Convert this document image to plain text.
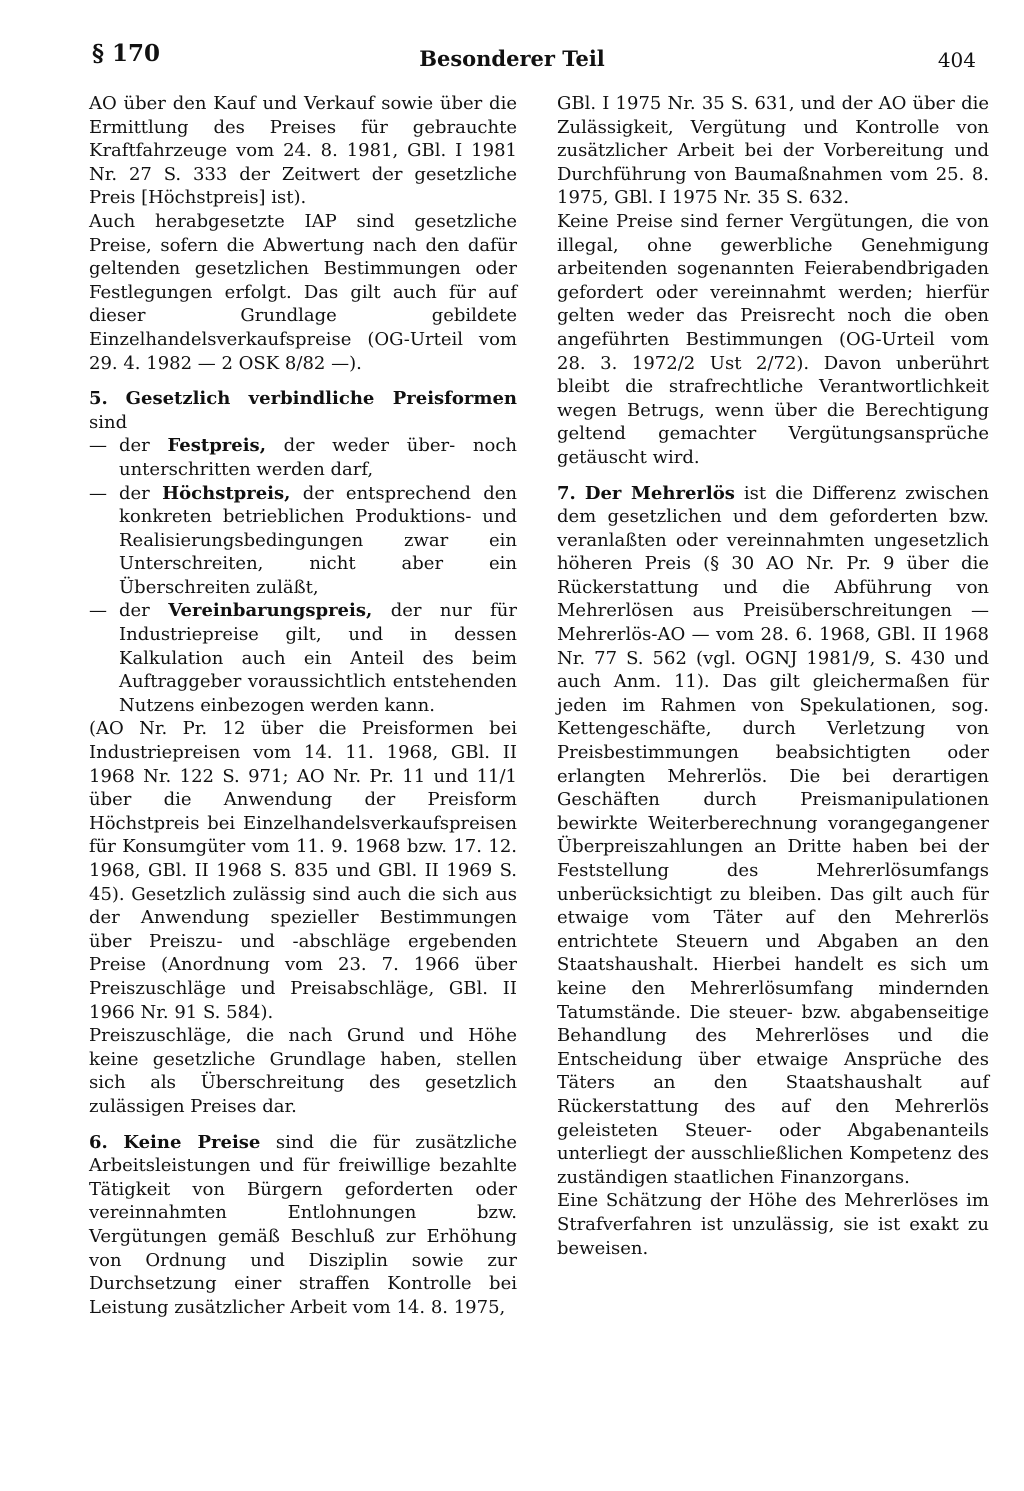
§ 170	Besonderer Teil	404

AO über den Kauf und Verkauf sowie über die Ermittlung des Preises für gebrauchte Kraftfahrzeuge vom 24. 8. 1981, GBl. I 1981 Nr. 27 S. 333 der Zeitwert der gesetzliche Preis [Höchstpreis] ist).

Auch herabgesetzte IAP sind gesetzliche Preise, sofern die Abwertung nach den dafür geltenden gesetzlichen Bestimmungen oder Festlegungen erfolgt. Das gilt auch für auf dieser Grundlage gebildete Einzelhandelsverkaufspreise (OG-Urteil vom 29. 4. 1982 — 2 OSK 8/82 —).

5. Gesetzlich verbindliche Preisformen

sind

— der Festpreis, der weder über- noch unterschritten werden darf,
— der Höchstpreis, der entsprechend den konkreten betrieblichen Produktions- und Realisierungsbedingungen zwar ein Unterschreiten, nicht aber ein Überschreiten zuläßt,
— der Vereinbarungspreis, der nur für Industriepreise gilt, und in dessen Kalkulation auch ein Anteil des beim Auftraggeber voraussichtlich entstehenden Nutzens einbezogen werden kann.

(AO Nr. Pr. 12 über die Preisformen bei Industriepreisen vom 14. 11. 1968, GBl. II 1968 Nr. 122 S. 971; AO Nr. Pr. 11 und 11/1 über die Anwendung der Preisform Höchstpreis bei Einzelhandelsverkaufspreisen für Konsumgüter vom 11. 9. 1968 bzw. 17. 12. 1968, GBl. II 1968 S. 835 und GBl. II 1969 S. 45). Gesetzlich zulässig sind auch die sich aus der Anwendung spezieller Bestimmungen über Preiszu- und -abschläge ergebenden Preise (Anordnung vom 23. 7. 1966 über Preiszuschläge und Preisabschläge, GBl. II 1966 Nr. 91 S. 584).

Preiszuschläge, die nach Grund und Höhe keine gesetzliche Grundlage haben, stellen sich als Überschreitung des gesetzlich zulässigen Preises dar.

6. Keine Preise sind die für zusätzliche Arbeitsleistungen und für freiwillige bezahlte Tätigkeit von Bürgern geforderten oder vereinnahmten Entlohnungen bzw. Vergütungen gemäß Beschluß zur Erhöhung von Ordnung und Disziplin sowie zur Durchsetzung einer straffen Kontrolle bei Leistung zusätzlicher Arbeit vom 14. 8. 1975,

GBl. I 1975 Nr. 35 S. 631, und der AO über die Zulässigkeit, Vergütung und Kontrolle von zusätzlicher Arbeit bei der Vorbereitung und Durchführung von Baumaßnahmen vom 25. 8. 1975, GBl. I 1975 Nr. 35 S. 632.

Keine Preise sind ferner Vergütungen, die von illegal, ohne gewerbliche Genehmigung arbeitenden sogenannten Feierabendbrigaden gefordert oder vereinnahmt werden; hierfür gelten weder das Preisrecht noch die oben angeführten Bestimmungen (OG-Urteil vom 28. 3. 1972/2 Ust 2/72). Davon unberührt bleibt die strafrechtliche Verantwortlichkeit wegen Betrugs, wenn über die Berechtigung geltend gemachter Vergütungsansprüche getäuscht wird.

7. Der Mehrerlös ist die Differenz zwischen dem gesetzlichen und dem geforderten bzw. veranlaßten oder vereinnahmten ungesetzlich höheren Preis (§ 30 AO Nr. Pr. 9 über die Rückerstattung und die Abführung von Mehrerlösen aus Preisüberschreitungen — Mehrerlös-AO — vom 28. 6. 1968, GBl. II 1968 Nr. 77 S. 562 (vgl. OGNJ 1981/9, S. 430 und auch Anm. 11). Das gilt gleichermaßen für jeden im Rahmen von Spekulationen, sog. Kettengeschäfte, durch Verletzung von Preisbestimmungen beabsichtigten oder erlangten Mehrerlös. Die bei derartigen Geschäften durch Preismanipulationen bewirkte Weiterberechnung vorangegangener Überpreiszahlungen an Dritte haben bei der Feststellung des Mehrerlösumfangs unberücksichtigt zu bleiben. Das gilt auch für etwaige vom Täter auf den Mehrerlös entrichtete Steuern und Abgaben an den Staatshaushalt. Hierbei handelt es sich um keine den Mehrerlösumfang mindernden Tatumstände. Die steuer- bzw. abgabenseitige Behandlung des Mehrerlöses und die Entscheidung über etwaige Ansprüche des Täters an den Staatshaushalt auf Rückerstattung des auf den Mehrerlös geleisteten Steuer- oder Abgabenanteils unterliegt der ausschließlichen Kompetenz des zuständigen staatlichen Finanzorgans.

Eine Schätzung der Höhe des Mehrerlöses im Strafverfahren ist unzulässig, sie ist exakt zu beweisen.
